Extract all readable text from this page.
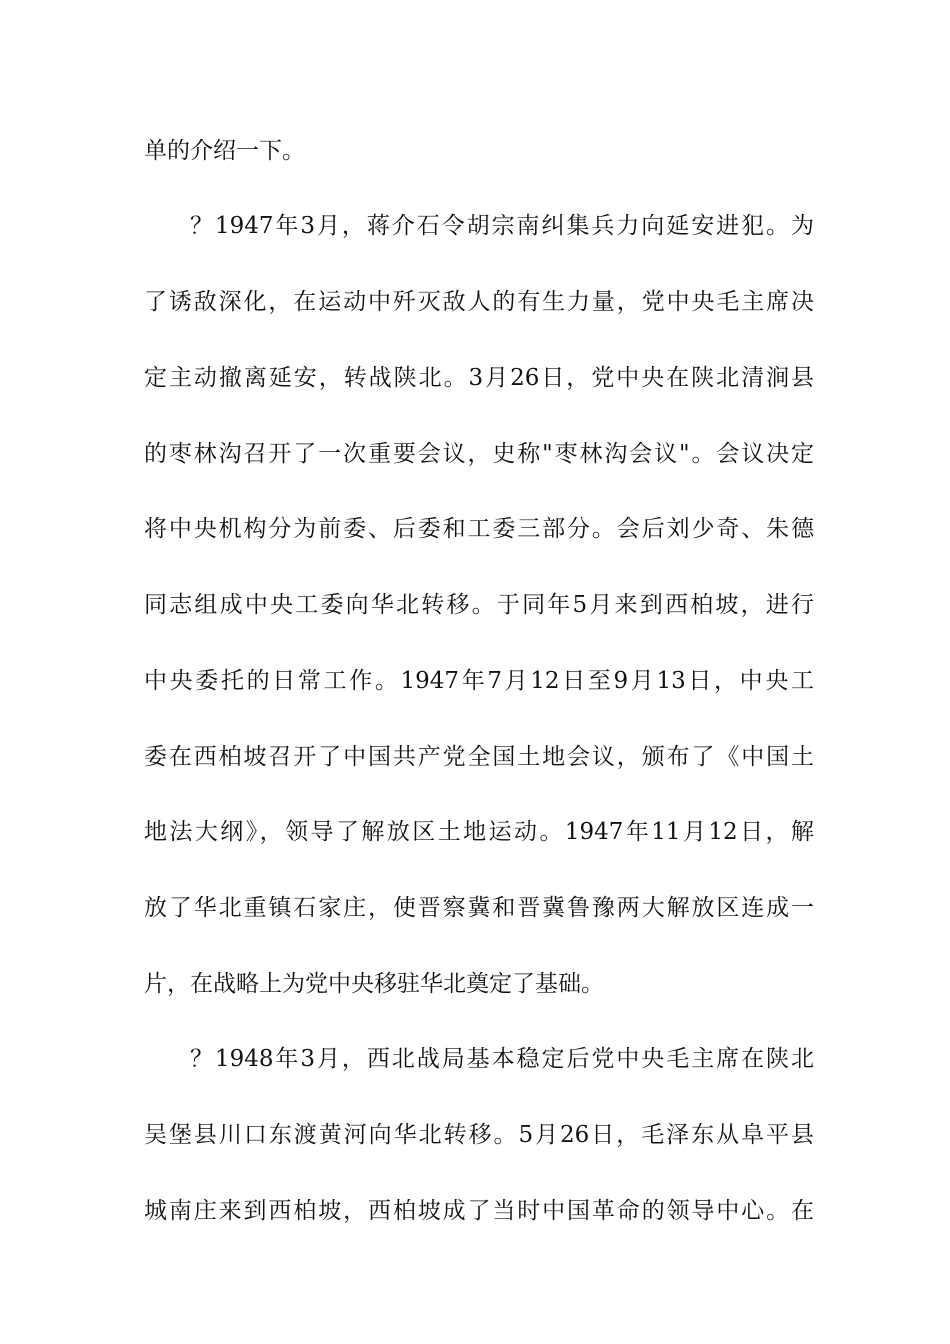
单的介绍一下。
？1947年3月，蒋介石令胡宗南纠集兵力向延安进犯。为
了诱敌深化，在运动中歼灭敌人的有生力量，党中央毛主席决
定主动撤离延安，转战陕北。3月26日，党中央在陕北清涧县
的枣林沟召开了一次重要会议，史称"枣林沟会议"。会议决定
将中央机构分为前委、后委和工委三部分。会后刘少奇、朱德
同志组成中央工委向华北转移。于同年5月来到西柏坡，进行
中央委托的日常工作。1947年7月12日至9月13日，中央工
委在西柏坡召开了中国共产党全国土地会议，颁布了《中国土
地法大纲》，领导了解放区土地运动。1947年11月12日，解
放了华北重镇石家庄，使晋察冀和晋冀鲁豫两大解放区连成一
片，在战略上为党中央移驻华北奠定了基础。
？1948年3月，西北战局基本稳定后党中央毛主席在陕北
吴堡县川口东渡黄河向华北转移。5月26日，毛泽东从阜平县
城南庄来到西柏坡，西柏坡成了当时中国革命的领导中心。在
